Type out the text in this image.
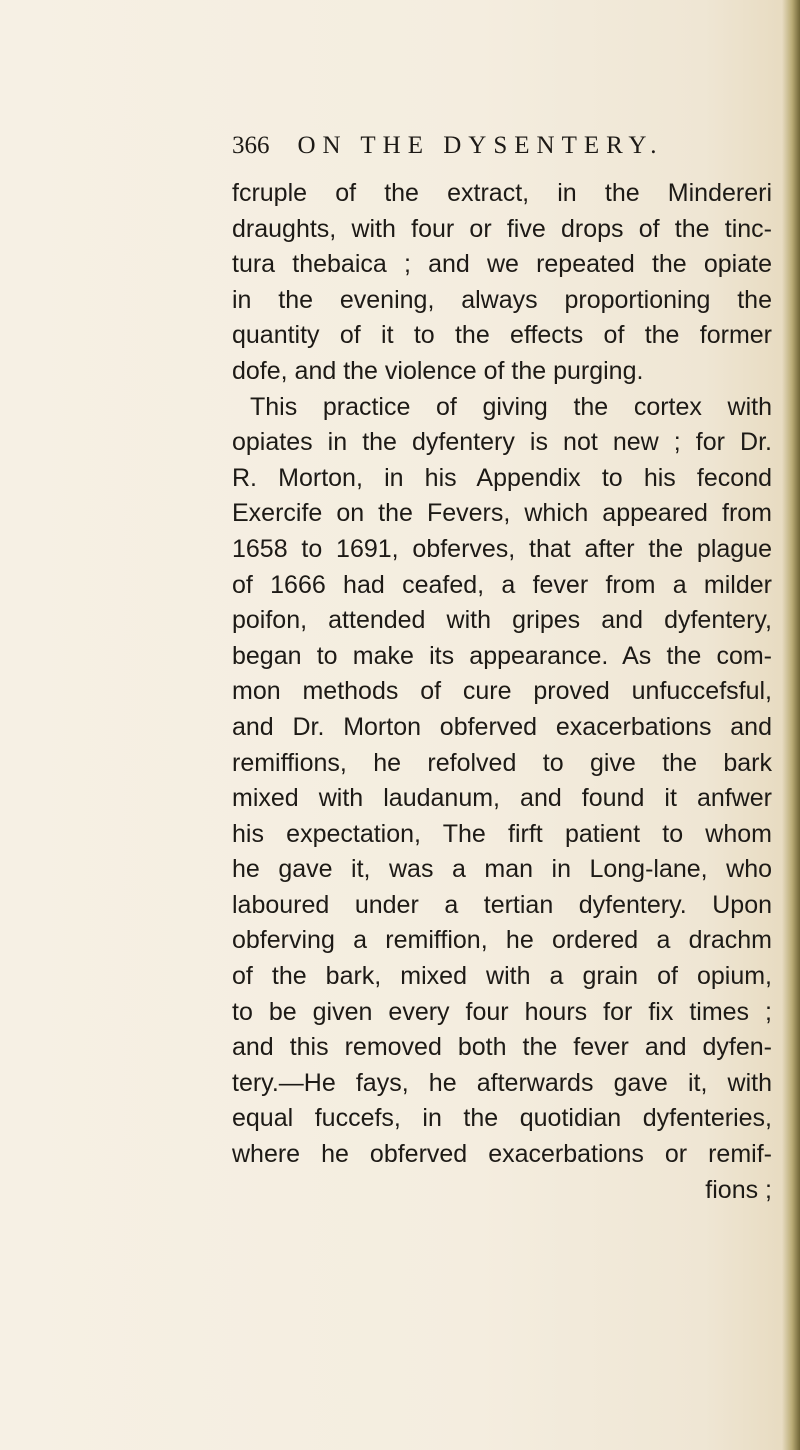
366 ON THE DYSENTERY.
fcruple of the extract, in the Mindereri
draughts, with four or five drops of the tinc-
tura thebaica ; and we repeated the opiate
in the evening, always proportioning the
quantity of it to the effects of the former
dofe, and the violence of the purging.
This practice of giving the cortex with
opiates in the dyfentery is not new ; for Dr.
R. Morton, in his Appendix to his fecond
Exercife on the Fevers, which appeared from
1658 to 1691, obferves, that after the plague
of 1666 had ceafed, a fever from a milder
poifon, attended with gripes and dyfentery,
began to make its appearance. As the com-
mon methods of cure proved unfuccefsful,
and Dr. Morton obferved exacerbations and
remiffions, he refolved to give the bark
mixed with laudanum, and found it anfwer
his expectation, The firft patient to whom
he gave it, was a man in Long-lane, who
laboured under a tertian dyfentery. Upon
obferving a remiffion, he ordered a drachm
of the bark, mixed with a grain of opium,
to be given every four hours for fix times ;
and this removed both the fever and dyfen-
tery.—He fays, he afterwards gave it, with
equal fuccefs, in the quotidian dyfenteries,
where he obferved exacerbations or remif-
fions ;
